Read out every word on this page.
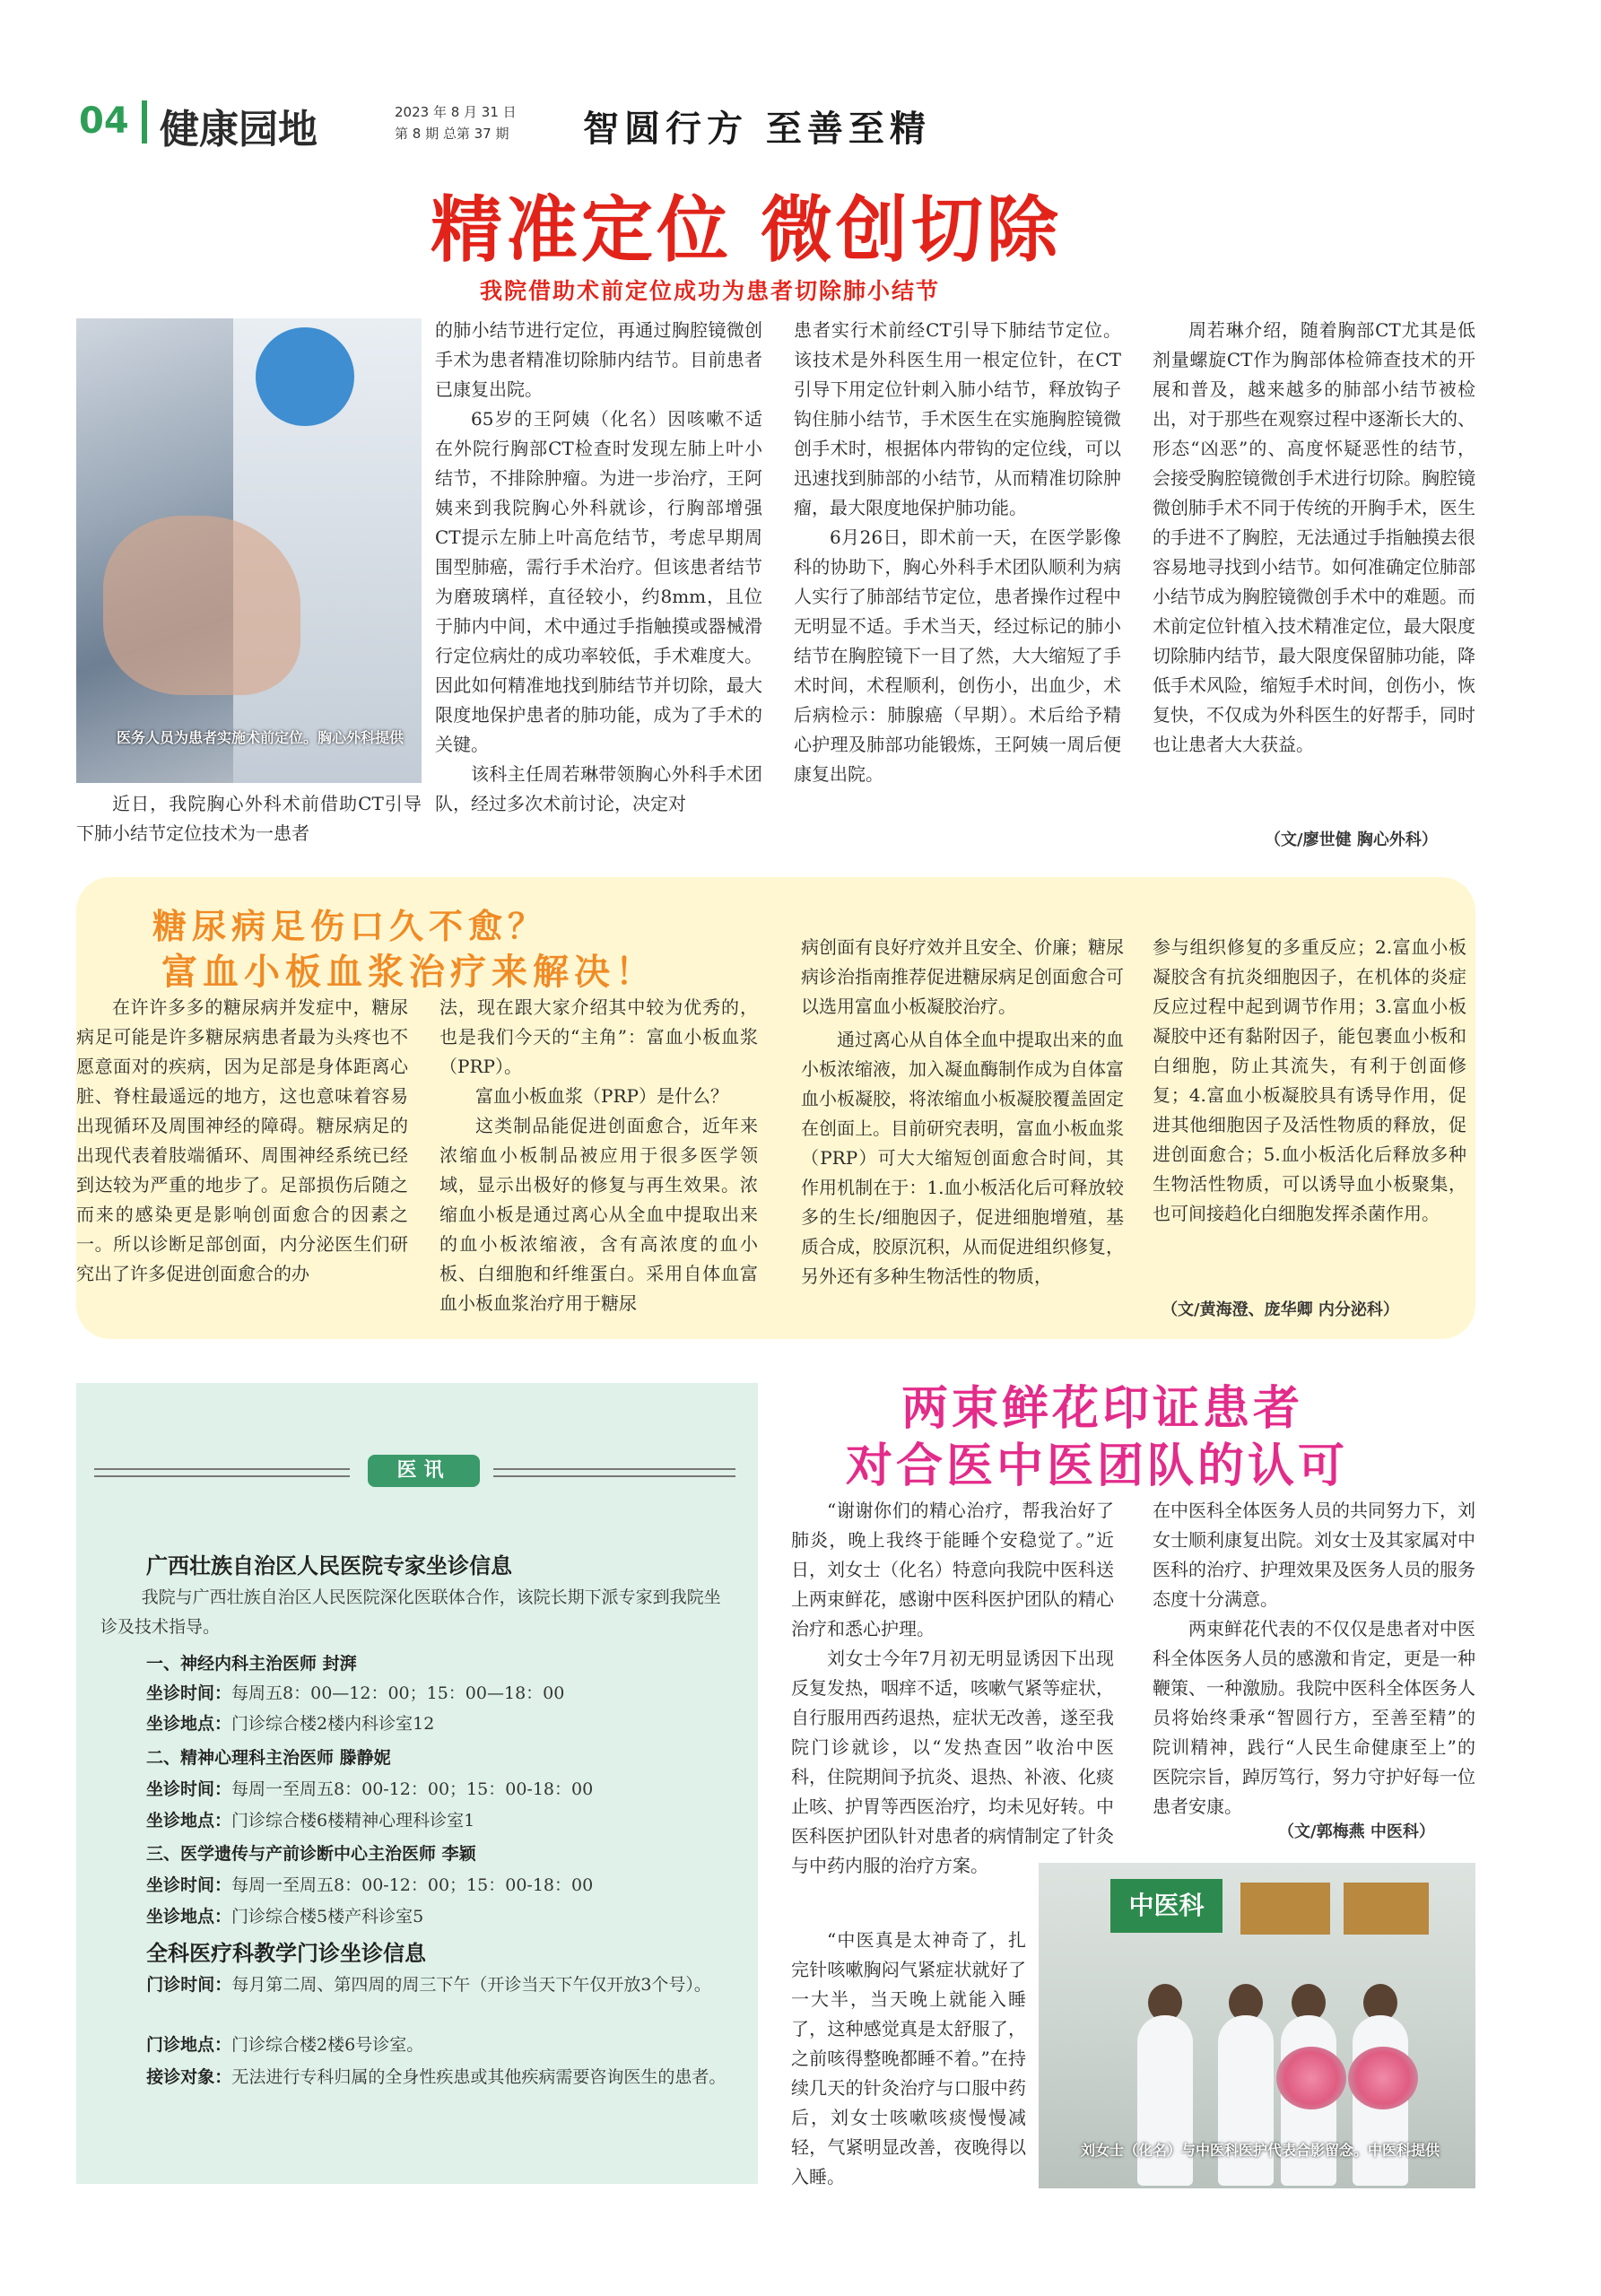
04 健康园地	2023 年 8 月 31 日
第 8 期 总第 37 期 智圆行方 至善至精
精准定位 微创切除
我院借助术前定位成功为患者切除肺小结节
医务人员为患者实施术前定位。胸心外科提供

近日，我院胸心外科术前借助CT引导下肺小结节定位技术为一患者

的肺小结节进行定位，再通过胸腔镜微创手术为患者精准切除肺内结节。目前患者已康复出院。

65岁的王阿姨（化名）因咳嗽不适在外院行胸部CT检查时发现左肺上叶小结节，不排除肿瘤。为进一步治疗，王阿姨来到我院胸心外科就诊，行胸部增强CT提示左肺上叶高危结节，考虑早期周围型肺癌，需行手术治疗。但该患者结节为磨玻璃样，直径较小，约8mm，且位于肺内中间，术中通过手指触摸或器械滑行定位病灶的成功率较低，手术难度大。因此如何精准地找到肺结节并切除，最大限度地保护患者的肺功能，成为了手术的关键。

该科主任周若琳带领胸心外科手术团队，经过多次术前讨论，决定对

患者实行术前经CT引导下肺结节定位。该技术是外科医生用一根定位针，在CT引导下用定位针刺入肺小结节，释放钩子钩住肺小结节，手术医生在实施胸腔镜微创手术时，根据体内带钩的定位线，可以迅速找到肺部的小结节，从而精准切除肿瘤，最大限度地保护肺功能。

6月26日，即术前一天，在医学影像科的协助下，胸心外科手术团队顺利为病人实行了肺部结节定位，患者操作过程中无明显不适。手术当天，经过标记的肺小结节在胸腔镜下一目了然，大大缩短了手术时间，术程顺利，创伤小，出血少，术后病检示：肺腺癌（早期）。术后给予精心护理及肺部功能锻炼，王阿姨一周后便康复出院。

周若琳介绍，随着胸部CT尤其是低剂量螺旋CT作为胸部体检筛查技术的开展和普及，越来越多的肺部小结节被检出，对于那些在观察过程中逐渐长大的、形态“凶恶”的、高度怀疑恶性的结节，会接受胸腔镜微创手术进行切除。胸腔镜微创肺手术不同于传统的开胸手术，医生的手进不了胸腔，无法通过手指触摸去很容易地寻找到小结节。如何准确定位肺部小结节成为胸腔镜微创手术中的难题。而术前定位针植入技术精准定位，最大限度切除肺内结节，最大限度保留肺功能，降低手术风险，缩短手术时间，创伤小，恢复快，不仅成为外科医生的好帮手，同时也让患者大大获益。

（文/廖世健 胸心外科）
糖尿病足伤口久不愈？
富血小板血浆治疗来解决！

在许许多多的糖尿病并发症中，糖尿病足可能是许多糖尿病患者最为头疼也不愿意面对的疾病，因为足部是身体距离心脏、脊柱最遥远的地方，这也意味着容易出现循环及周围神经的障碍。糖尿病足的出现代表着肢端循环、周围神经系统已经到达较为严重的地步了。足部损伤后随之而来的感染更是影响创面愈合的因素之一。所以诊断足部创面，内分泌医生们研究出了许多促进创面愈合的办

法，现在跟大家介绍其中较为优秀的，也是我们今天的“主角”：富血小板血浆（PRP）。

富血小板血浆（PRP）是什么？

这类制品能促进创面愈合，近年来浓缩血小板制品被应用于很多医学领域，显示出极好的修复与再生效果。浓缩血小板是通过离心从全血中提取出来的血小板浓缩液，含有高浓度的血小板、白细胞和纤维蛋白。采用自体血富血小板血浆治疗用于糖尿

病创面有良好疗效并且安全、价廉；糖尿病诊治指南推荐促进糖尿病足创面愈合可以选用富血小板凝胶治疗。

通过离心从自体全血中提取出来的血小板浓缩液，加入凝血酶制作成为自体富血小板凝胶，将浓缩血小板凝胶覆盖固定在创面上。目前研究表明，富血小板血浆（PRP）可大大缩短创面愈合时间，其作用机制在于：1.血小板活化后可释放较多的生长/细胞因子，促进细胞增殖，基质合成，胶原沉积，从而促进组织修复，另外还有多种生物活性的物质，

参与组织修复的多重反应；2.富血小板凝胶含有抗炎细胞因子，在机体的炎症反应过程中起到调节作用；3.富血小板凝胶中还有黏附因子，能包裹血小板和白细胞，防止其流失，有利于创面修复；4.富血小板凝胶具有诱导作用，促进其他细胞因子及活性物质的释放，促进创面愈合；5.血小板活化后释放多种生物活性物质，可以诱导血小板聚集，也可间接趋化白细胞发挥杀菌作用。

（文/黄海澄、庞华卿 内分泌科）
医讯
广西壮族自治区人民医院专家坐诊信息
我院与广西壮族自治区人民医院深化医联体合作，该院长期下派专家到我院坐诊及技术指导。
一、神经内科主治医师 封湃
坐诊时间：每周五8：00—12：00；15：00—18：00
坐诊地点：门诊综合楼2楼内科诊室12
二、精神心理科主治医师 滕静妮
坐诊时间：每周一至周五8：00-12：00；15：00-18：00
坐诊地点：门诊综合楼6楼精神心理科诊室1
三、医学遗传与产前诊断中心主治医师 李颖
坐诊时间：每周一至周五8：00-12：00；15：00-18：00
坐诊地点：门诊综合楼5楼产科诊室5
全科医疗科教学门诊坐诊信息
门诊时间：每月第二周、第四周的周三下午（开诊当天下午仅开放3个号）。
门诊地点：门诊综合楼2楼6号诊室。
接诊对象：无法进行专科归属的全身性疾患或其他疾病需要咨询医生的患者。
两束鲜花印证患者
对合医中医团队的认可

“谢谢你们的精心治疗，帮我治好了肺炎，晚上我终于能睡个安稳觉了。”近日，刘女士（化名）特意向我院中医科送上两束鲜花，感谢中医科医护团队的精心治疗和悉心护理。

刘女士今年7月初无明显诱因下出现反复发热，咽痒不适，咳嗽气紧等症状，自行服用西药退热，症状无改善，遂至我院门诊就诊，以“发热查因”收治中医科，住院期间予抗炎、退热、补液、化痰止咳、护胃等西医治疗，均未见好转。中医科医护团队针对患者的病情制定了针灸与中药内服的治疗方案。

“中医真是太神奇了，扎完针咳嗽胸闷气紧症状就好了一大半，当天晚上就能入睡了，这种感觉真是太舒服了，之前咳得整晚都睡不着。”在持续几天的针灸治疗与口服中药后，刘女士咳嗽咳痰慢慢减轻，气紧明显改善，夜晚得以入睡。

在中医科全体医务人员的共同努力下，刘女士顺利康复出院。刘女士及其家属对中医科的治疗、护理效果及医务人员的服务态度十分满意。

两束鲜花代表的不仅仅是患者对中医科全体医务人员的感激和肯定，更是一种鞭策、一种激励。我院中医科全体医务人员将始终秉承“智圆行方，至善至精”的院训精神，践行“人民生命健康至上”的医院宗旨，踔厉笃行，努力守护好每一位患者安康。

（文/郭梅燕 中医科）
中医科
刘女士（化名）与中医科医护代表合影留念。中医科提供
